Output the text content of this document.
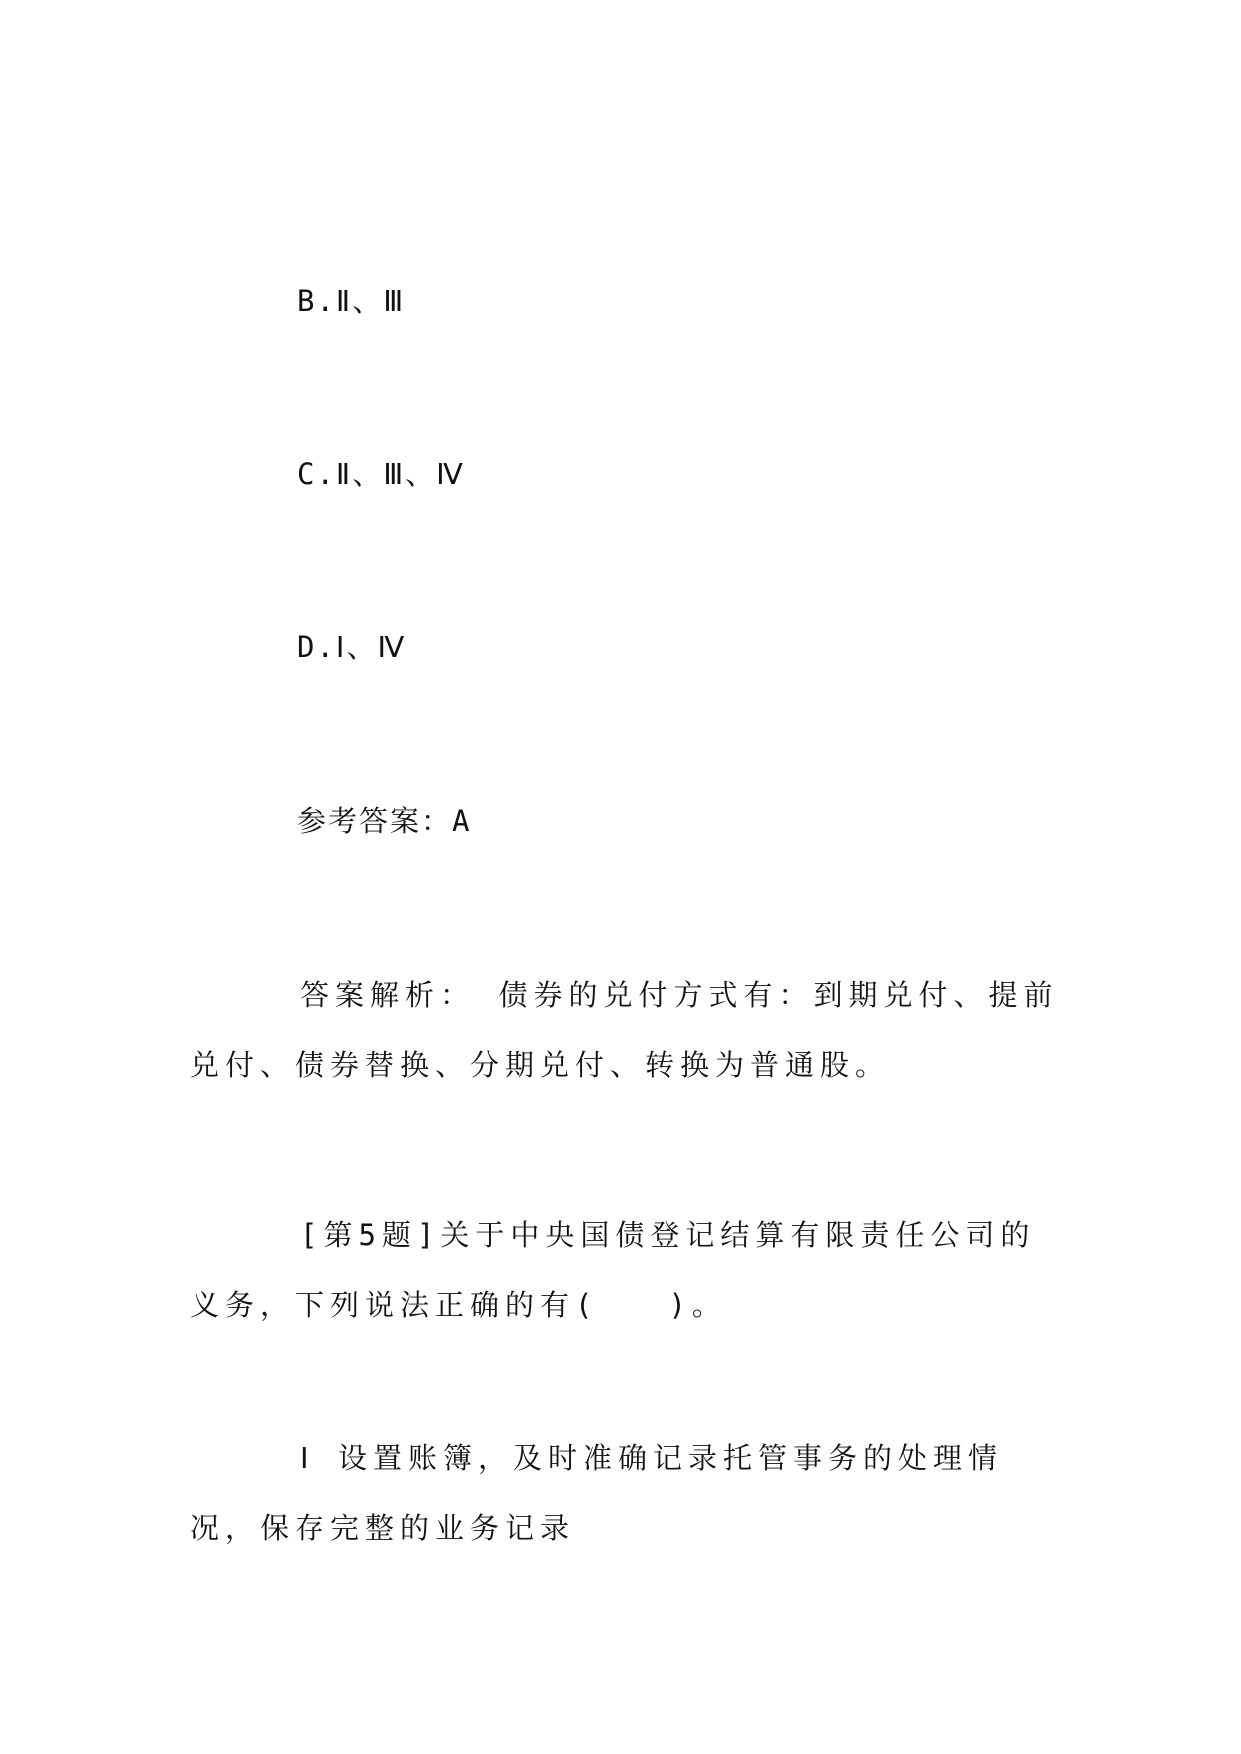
B.Ⅱ、Ⅲ
C.Ⅱ、Ⅲ、Ⅳ
D.Ⅰ、Ⅳ
参考答案：A
答案解析： 债券的兑付方式有：到期兑付、提前兑付、债券替换、分期兑付、转换为普通股。
[第5题]关于中央国债登记结算有限责任公司的义务，下列说法正确的有(　　)。
Ⅰ 设置账簿，及时准确记录托管事务的处理情况，保存完整的业务记录
